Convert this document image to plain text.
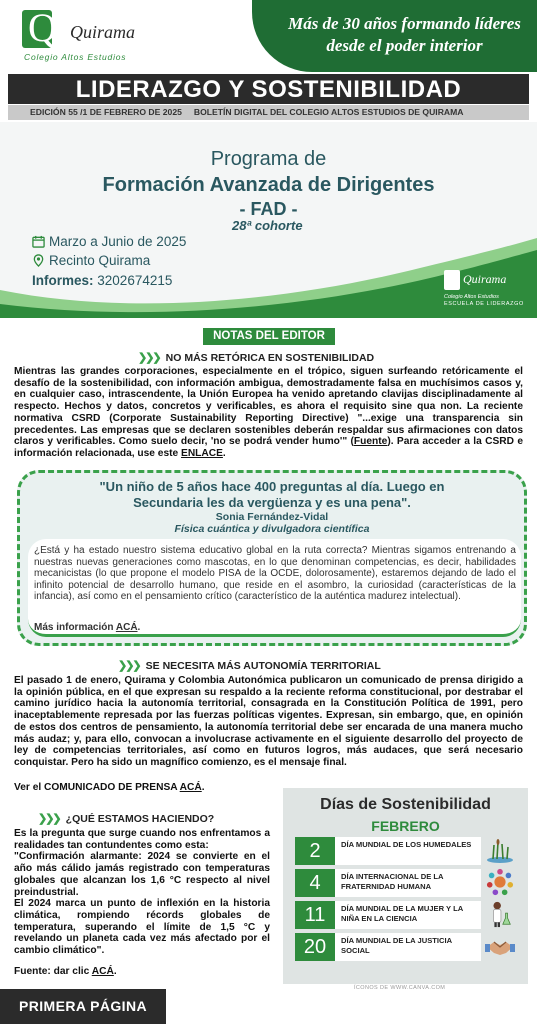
Q Quirama
Colegio Altos Estudios
Más de 30 años formando líderes
desde el poder interior
LIDERAZGO Y SOSTENIBILIDAD
EDICIÓN 55 /1 DE FEBRERO DE 2025 BOLETÍN DIGITAL DEL COLEGIO ALTOS ESTUDIOS DE QUIRAMA
Programa de
Formación Avanzada de Dirigentes
- FAD -
28ª cohorte
Marzo a Junio de 2025
Recinto Quirama
Informes: 3202674215	Quirama
Colegio Altos Estudios
ESCUELA DE LIDERAZGO
NOTAS DEL EDITOR
❯❯❯ NO MÁS RETÓRICA EN SOSTENIBILIDAD
Mientras las grandes corporaciones, especialmente en el trópico, siguen surfeando retóricamente el desafío de la sostenibilidad, con información ambigua, demostradamente falsa en muchísimos casos y, en cualquier caso, intrascendente, la Unión Europea ha venido apretando clavijas disciplinadamente al respecto. Hechos y datos, concretos y verificables, es ahora el requisito sine qua non. La reciente normativa CSRD (Corporate Sustainability Reporting Directive) "...exige una transparencia sin precedentes. Las empresas que se declaren sostenibles deberán respaldar sus afirmaciones con datos claros y verificables. Como suelo decir, 'no se podrá vender humo'" (Fuente). Para acceder a la CSRD e información relacionada, use este ENLACE.
"Un niño de 5 años hace 400 preguntas al día. Luego en
Secundaria les da vergüenza y es una pena".
Sonia Fernández-Vidal
Física cuántica y divulgadora científica
¿Está y ha estado nuestro sistema educativo global en la ruta correcta? Mientras sigamos entrenando a nuestras nuevas generaciones como mascotas, en lo que denominan competencias, es decir, habilidades mecanicistas (lo que propone el modelo PISA de la OCDE, dolorosamente), estaremos dejando de lado el infinito potencial de desarrollo humano, que reside en el asombro, la curiosidad (características de la infancia), así como en el pensamiento crítico (característico de la auténtica madurez intelectual).
Más información ACÁ.
❯❯❯ SE NECESITA MÁS AUTONOMÍA TERRITORIAL
El pasado 1 de enero, Quirama y Colombia Autonómica publicaron un comunicado de prensa dirigido a la opinión pública, en el que expresan su respaldo a la reciente reforma constitucional, por destrabar el camino jurídico hacia la autonomía territorial, consagrada en la Constitución Política de 1991, pero inaceptablemente represada por las fuerzas políticas vigentes. Expresan, sin embargo, que, en opinión de estos dos centros de pensamiento, la autonomía territorial debe ser encarada de una manera mucho más audaz; y, para ello, convocan a involucrase activamente en el siguiente desarrollo del proyecto de ley de competencias territoriales, así como en futuros logros, más audaces, que será necesario conquistar. Pero ha sido un magnífico comienzo, es el mensaje final.
Ver el COMUNICADO DE PRENSA ACÁ.
❯❯❯ ¿QUÉ ESTAMOS HACIENDO?

Es la pregunta que surge cuando nos enfrentamos a realidades tan contundentes como esta:

"Confirmación alarmante: 2024 se convierte en el año más cálido jamás registrado con temperaturas globales que alcanzan los 1,6 °C respecto al nivel preindustrial.

El 2024 marca un punto de inflexión en la historia climática, rompiendo récords globales de temperatura, superando el límite de 1,5 °C y revelando un planeta cada vez más afectado por el cambio climático".

Fuente: dar clic ACÁ.
Días de Sostenibilidad
FEBRERO
2	DÍA MUNDIAL DE LOS HUMEDALES
4	DÍA INTERNACIONAL DE LA FRATERNIDAD HUMANA
11	DÍA MUNDIAL DE LA MUJER Y LA NIÑA EN LA CIENCIA
20	DÍA MUNDIAL DE LA JUSTICIA SOCIAL
ÍCONOS DE WWW.CANVA.COM
PRIMERA PÁGINA
